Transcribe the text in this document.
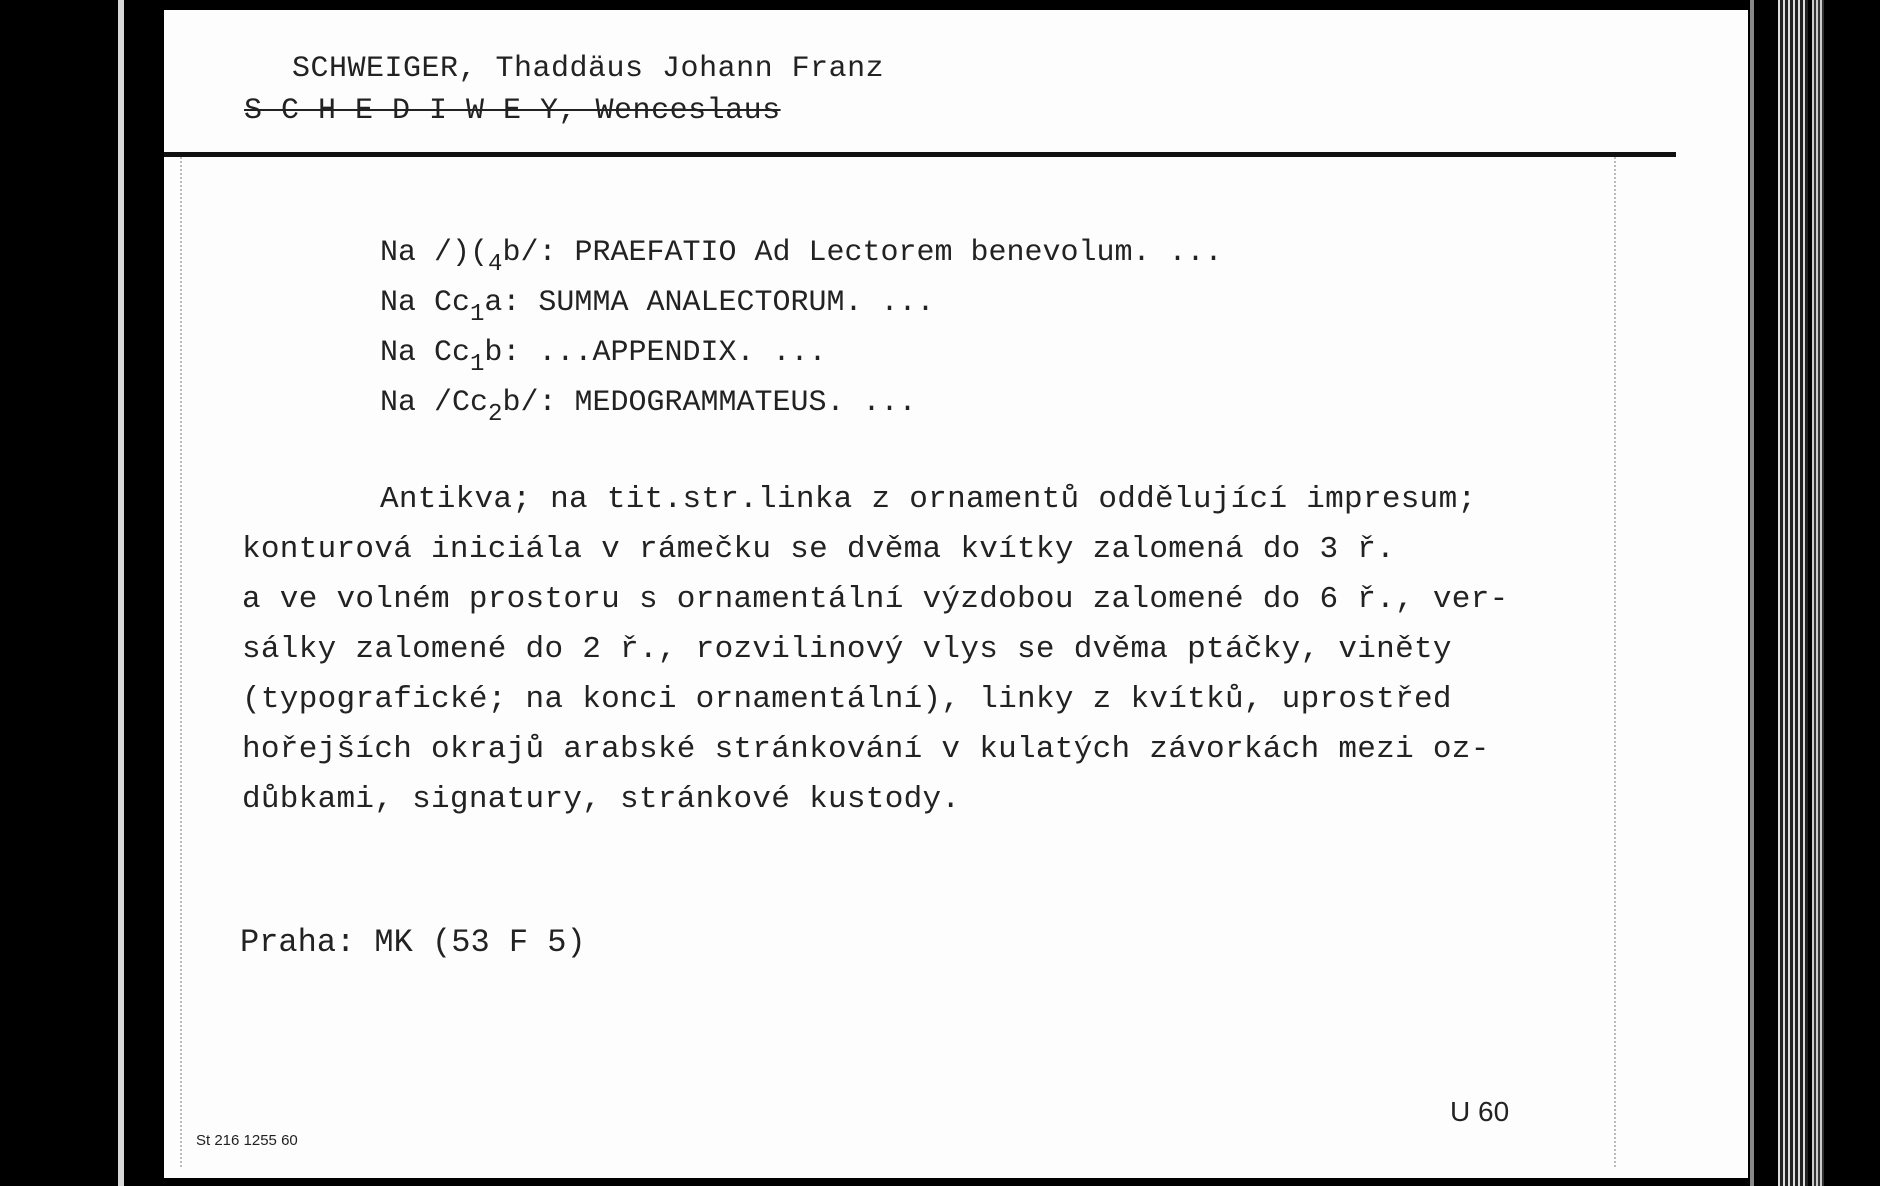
SCHWEIGER, Thaddäus Johann Franz
S C H E D I W E Y, Wenceslaus
Na $/)(_4b/$: PRAEFATIO Ad Lectorem benevolum. ...
Na $Cc_1a$: SUMMA ANALECTORUM. ...
Na $Cc_1b$: ...APPENDIX. ...
Na $/Cc_2b/$: MEDOGRAMMATEUS. ...
Antikva; na tit.str.linka z ornamentů oddělující impresum;
konturová iniciála v rámečku se dvěma kvítky zalomená do 3 ř.
a ve volném prostoru s ornamentální výzdobou zalomené do 6 ř., ver-
sálky zalomené do 2 ř., rozvilinový vlys se dvěma ptáčky, viněty
(typografické; na konci ornamentální), linky z kvítků, uprostřed
hořejších okrajů arabské stránkování v kulatých závorkách mezi oz-
důbkami, signatury, stránkové kustody.
Praha: MK (53 F 5)
St 216 1255 60
U 60
